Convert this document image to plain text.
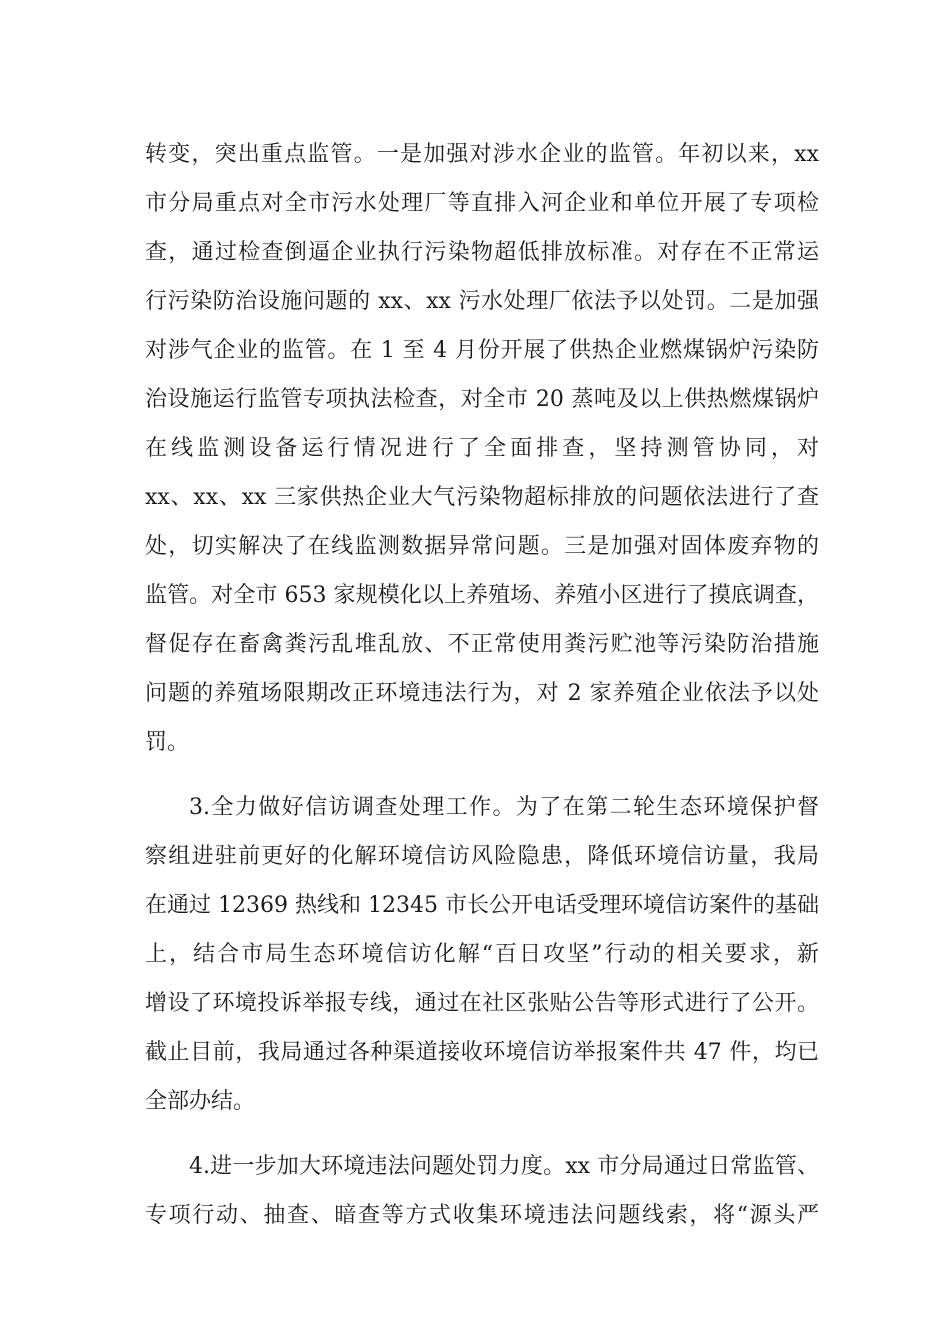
转变，突出重点监管。一是加强对涉水企业的监管。年初以来，xx
市分局重点对全市污水处理厂等直排入河企业和单位开展了专项检
查，通过检查倒逼企业执行污染物超低排放标准。对存在不正常运
行污染防治设施问题的 xx、xx 污水处理厂依法予以处罚。二是加强
对涉气企业的监管。在 1 至 4 月份开展了供热企业燃煤锅炉污染防
治设施运行监管专项执法检查，对全市 20 蒸吨及以上供热燃煤锅炉
在线监测设备运行情况进行了全面排查，坚持测管协同，对
xx、xx、xx 三家供热企业大气污染物超标排放的问题依法进行了查
处，切实解决了在线监测数据异常问题。三是加强对固体废弃物的
监管。对全市 653 家规模化以上养殖场、养殖小区进行了摸底调查，
督促存在畜禽粪污乱堆乱放、不正常使用粪污贮池等污染防治措施
问题的养殖场限期改正环境违法行为，对 2 家养殖企业依法予以处
罚。
3.全力做好信访调查处理工作。为了在第二轮生态环境保护督
察组进驻前更好的化解环境信访风险隐患，降低环境信访量，我局
在通过 12369 热线和 12345 市长公开电话受理环境信访案件的基础
上，结合市局生态环境信访化解“百日攻坚”行动的相关要求，新
增设了环境投诉举报专线，通过在社区张贴公告等形式进行了公开。
截止目前，我局通过各种渠道接收环境信访举报案件共 47 件，均已
全部办结。
4.进一步加大环境违法问题处罚力度。xx 市分局通过日常监管、
专项行动、抽查、暗查等方式收集环境违法问题线索，将“源头严
